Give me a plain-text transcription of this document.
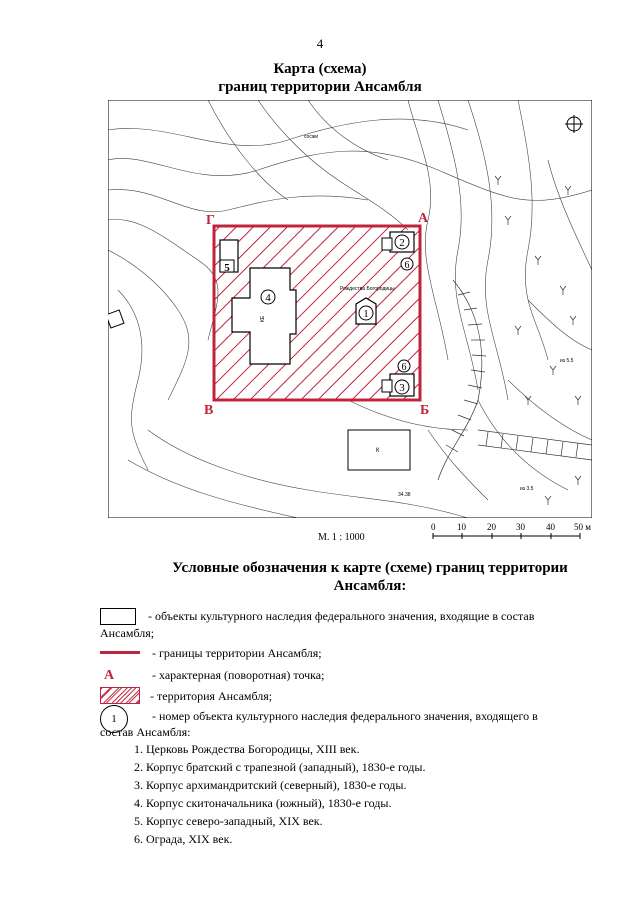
4
Карта (схема)
границ территории Ансамбля
4
КЕ
5
1
Рождества Богородицы
2
3
6
6
Г	А
В	Б
К
сосжи
из 5.5
из 3.5
34.38
0 10 20 30 40 50 м
М. 1 : 1000
Условные обозначения к карте (схеме) границ территории
Ансамбля:
- объекты культурного наследия федерального значения, входящие в состав
Ансамбля;
- границы территории Ансамбля;
А	- характерная (поворотная) точка;
- территория Ансамбля;
1	- номер объекта культурного наследия федерального значения, входящего в
состав Ансамбля:
1. Церковь Рождества Богородицы, XIII век.
2. Корпус братский с трапезной (западный), 1830-е годы.
3. Корпус архимандритский (северный), 1830-е годы.
4. Корпус скитоначальника (южный), 1830-е годы.
5. Корпус северо-западный, XIX век.
6. Ограда, XIX век.
